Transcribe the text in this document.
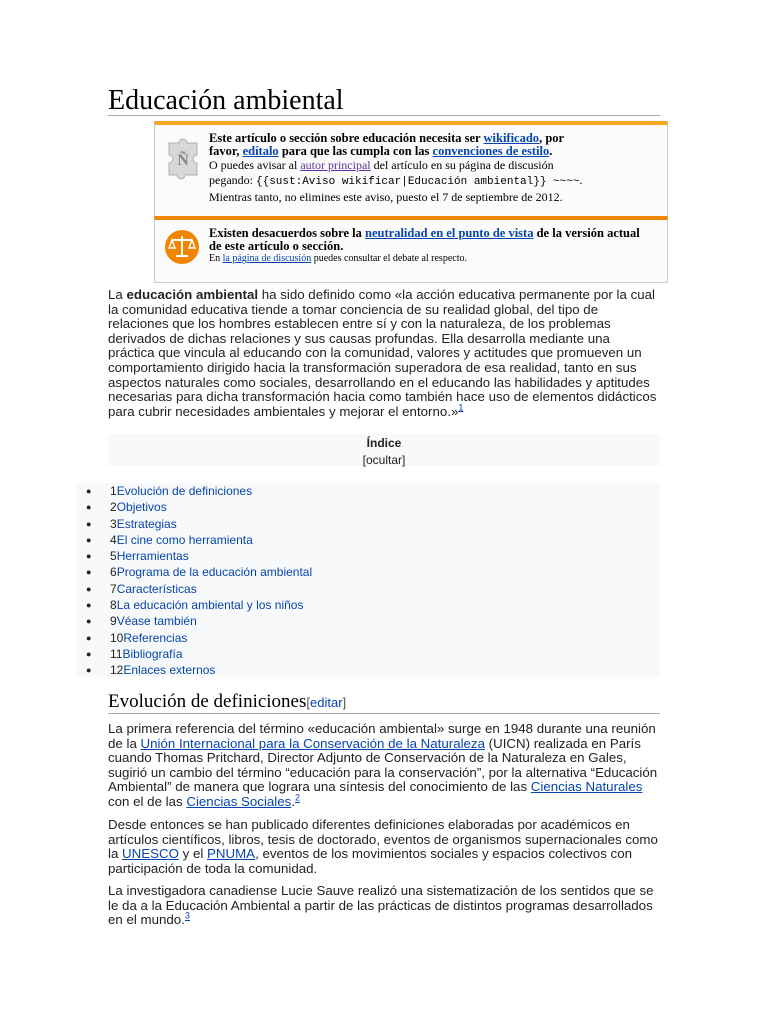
Educación ambiental
Ñ
Este artículo o sección sobre educación necesita ser wikificado, por
favor, edítalo para que las cumpla con las convenciones de estilo.
O puedes avisar al autor principal del artículo en su página de discusión
pegando: {{sust:Aviso wikificar|Educación ambiental}} ~~~~.
Mientras tanto, no elimines este aviso, puesto el 7 de septiembre de 2012.
Existen desacuerdos sobre la neutralidad en el punto de vista de la versión actual
de este artículo o sección.
En la página de discusión puedes consultar el debate al respecto.

La educación ambiental ha sido definido como «la acción educativa permanente por la cual la comunidad educativa tiende a tomar conciencia de su realidad global, del tipo de relaciones que los hombres establecen entre sí y con la naturaleza, de los problemas derivados de dichas relaciones y sus causas profundas. Ella desarrolla mediante una práctica que vincula al educando con la comunidad, valores y actitudes que promueven un comportamiento dirigido hacia la transformación superadora de esa realidad, tanto en sus aspectos naturales como sociales, desarrollando en el educando las habilidades y aptitudes necesarias para dicha transformación hacia como también hace uso de elementos didácticos para cubrir necesidades ambientales y mejorar el entorno.»$^1$

Índice
[ocultar]
● 1Evolución de definiciones
● 2Objetivos
● 3Estrategias
● 4El cine como herramienta
● 5Herramientas
● 6Programa de la educación ambiental
● 7Características
● 8La educación ambiental y los niños
● 9Véase también
● 10Referencias
● 11Bibliografía
● 12Enlaces externos
Evolución de definiciones[editar]

La primera referencia del término «educación ambiental» surge en 1948 durante una reunión de la Unión Internacional para la Conservación de la Naturaleza (UICN) realizada en París cuando Thomas Pritchard, Director Adjunto de Conservación de la Naturaleza en Gales, sugirió un cambio del término “educación para la conservación”, por la alternativa “Educación Ambiental” de manera que lograra una síntesis del conocimiento de las Ciencias Naturales con el de las Ciencias Sociales.$^2$

Desde entonces se han publicado diferentes definiciones elaboradas por académicos en artículos científicos, libros, tesis de doctorado, eventos de organismos supernacionales como la UNESCO y el PNUMA, eventos de los movimientos sociales y espacios colectivos con participación de toda la comunidad.

La investigadora canadiense Lucie Sauve realizó una sistematización de los sentidos que se le da a la Educación Ambiental a partir de las prácticas de distintos programas desarrollados en el mundo.$^3$
